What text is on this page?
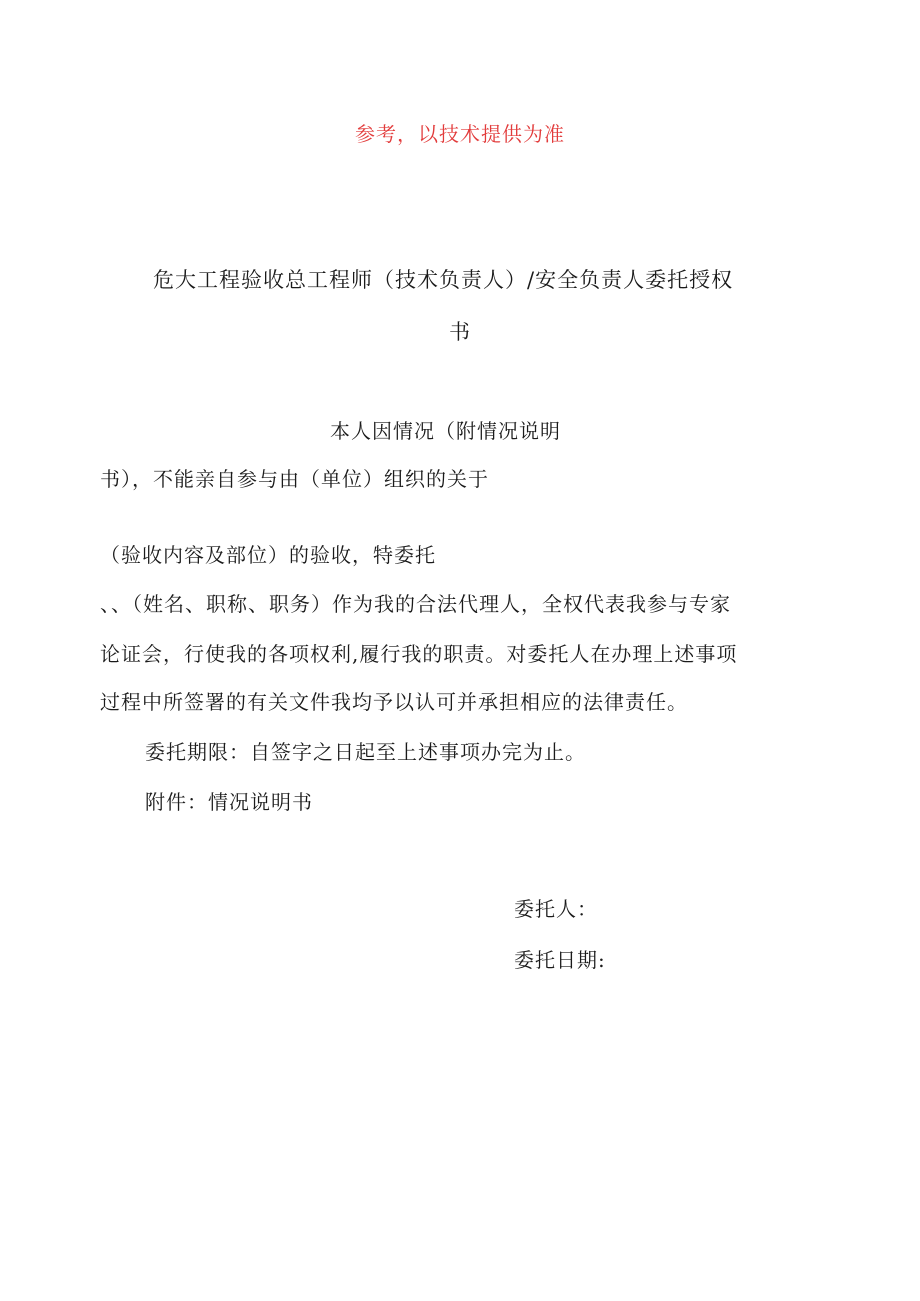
参考，以技术提供为准
危大工程验收总工程师（技术负责人）/安全负责人委托授权
书
本人因情况（附情况说明
书），不能亲自参与由（单位）组织的关于
（验收内容及部位）的验收，特委托
、、（姓名、职称、职务）作为我的合法代理人，全权代表我参与专家
论证会，行使我的各项权利,履行我的职责。对委托人在办理上述事项
过程中所签署的有关文件我均予以认可并承担相应的法律责任。
委托期限：自签字之日起至上述事项办完为止。
附件：情况说明书
委托人：
委托日期:
